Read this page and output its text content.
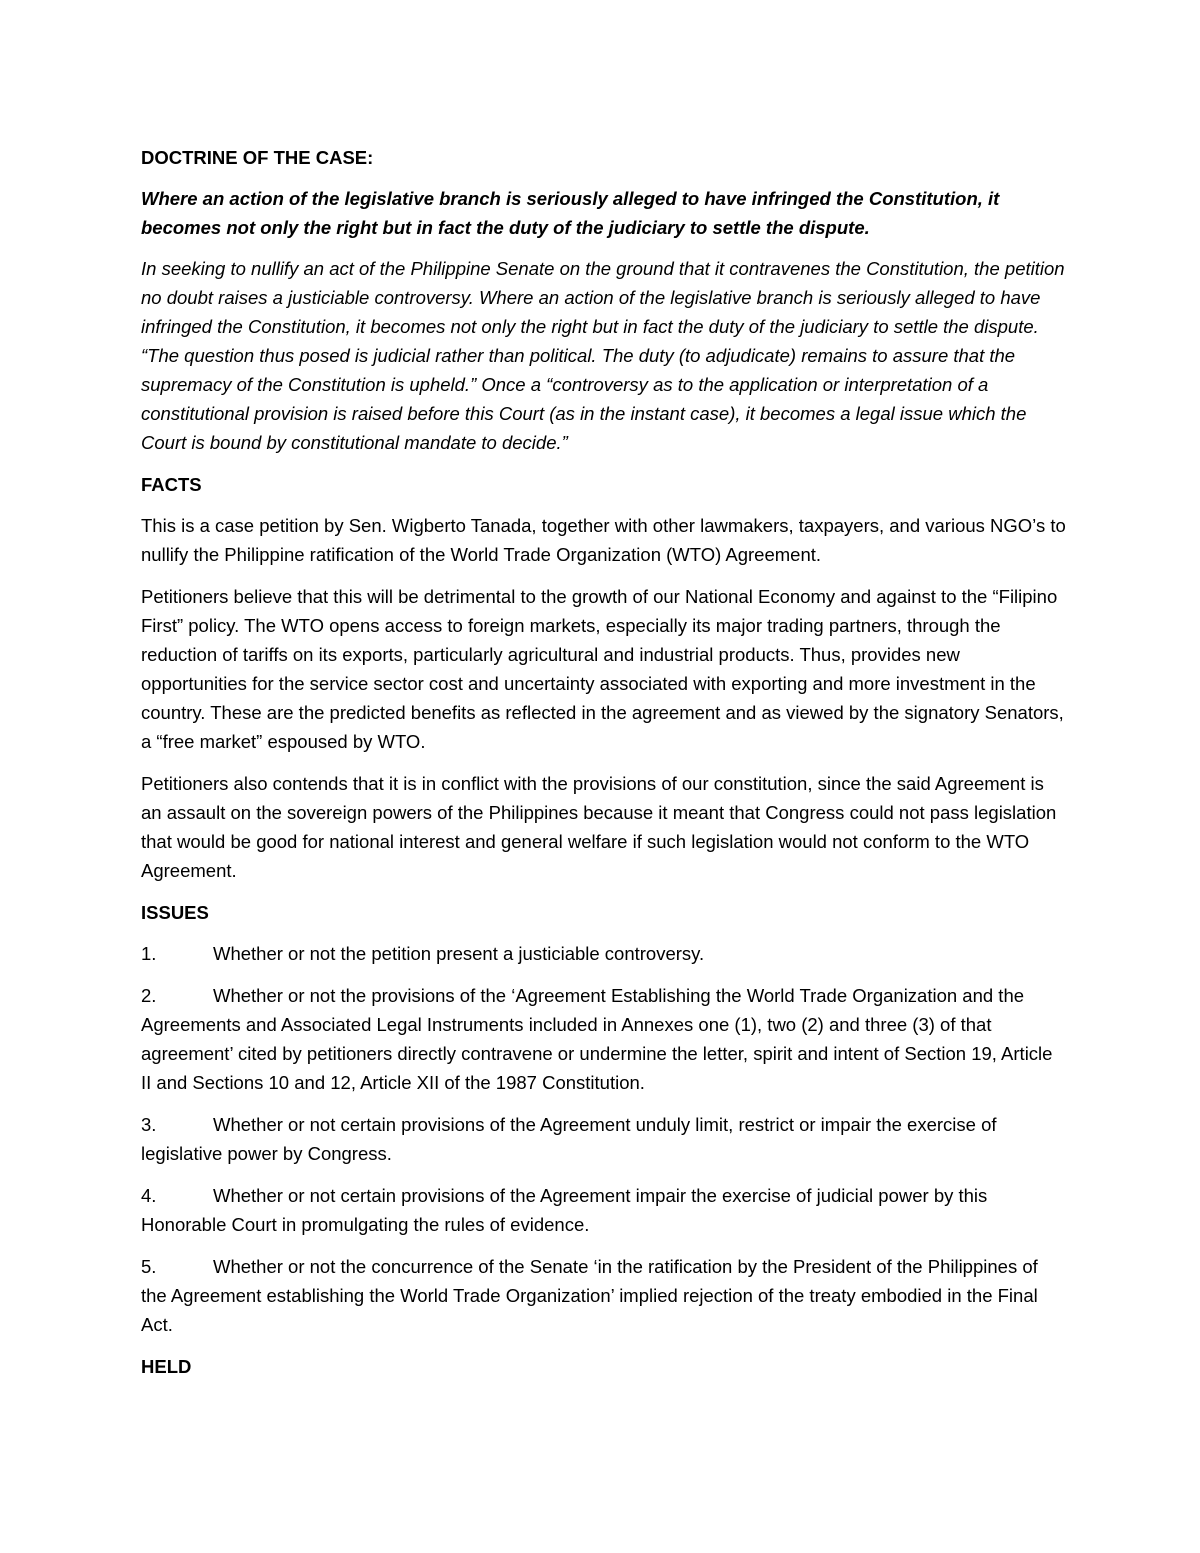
DOCTRINE OF THE CASE:

Where an action of the legislative branch is seriously alleged to have infringed the Constitution, it becomes not only the right but in fact the duty of the judiciary to settle the dispute.

In seeking to nullify an act of the Philippine Senate on the ground that it contravenes the Constitution, the petition no doubt raises a justiciable controversy. Where an action of the legislative branch is seriously alleged to have infringed the Constitution, it becomes not only the right but in fact the duty of the judiciary to settle the dispute. “The question thus posed is judicial rather than political. The duty (to adjudicate) remains to assure that the supremacy of the Constitution is upheld.” Once a “controversy as to the application or interpretation of a constitutional provision is raised before this Court (as in the instant case), it becomes a legal issue which the Court is bound by constitutional mandate to decide.”

FACTS

This is a case petition by Sen. Wigberto Tanada, together with other lawmakers, taxpayers, and various NGO’s to nullify the Philippine ratification of the World Trade Organization (WTO) Agreement.

Petitioners believe that this will be detrimental to the growth of our National Economy and against to the “Filipino First” policy. The WTO opens access to foreign markets, especially its major trading partners, through the reduction of tariffs on its exports, particularly agricultural and industrial products. Thus, provides new opportunities for the service sector cost and uncertainty associated with exporting and more investment in the country. These are the predicted benefits as reflected in the agreement and as viewed by the signatory Senators, a “free market” espoused by WTO.

Petitioners also contends that it is in conflict with the provisions of our constitution, since the said Agreement is an assault on the sovereign powers of the Philippines because it meant that Congress could not pass legislation that would be good for national interest and general welfare if such legislation would not conform to the WTO Agreement.

ISSUES

1.	Whether or not the petition present a justiciable controversy.

2.	Whether or not the provisions of the ‘Agreement Establishing the World Trade Organization and the Agreements and Associated Legal Instruments included in Annexes one (1), two (2) and three (3) of that agreement’ cited by petitioners directly contravene or undermine the letter, spirit and intent of Section 19, Article II and Sections 10 and 12, Article XII of the 1987 Constitution.

3.	Whether or not certain provisions of the Agreement unduly limit, restrict or impair the exercise of legislative power by Congress.

4.	Whether or not certain provisions of the Agreement impair the exercise of judicial power by this Honorable Court in promulgating the rules of evidence.

5.	Whether or not the concurrence of the Senate ‘in the ratification by the President of the Philippines of the Agreement establishing the World Trade Organization’ implied rejection of the treaty embodied in the Final Act.

HELD
